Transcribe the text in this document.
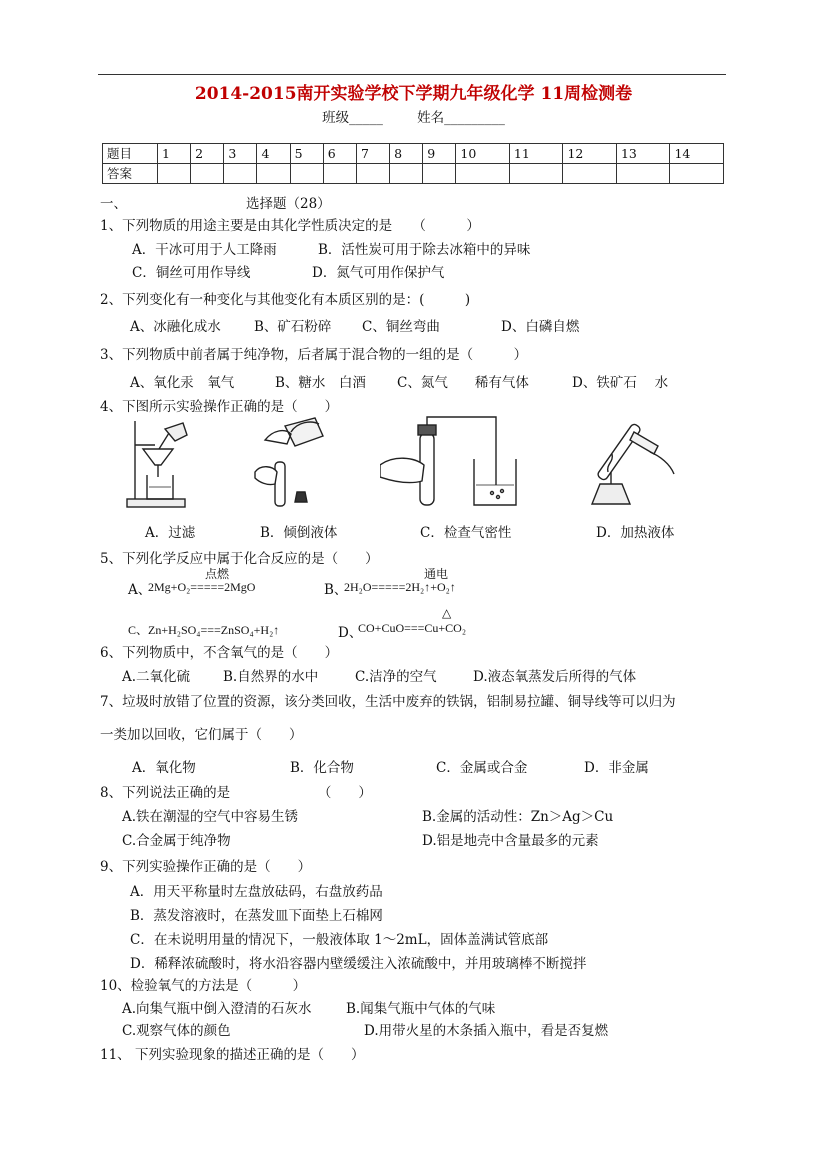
2014-2015南开实验学校下学期九年级化学 11周检测卷
班级_____	姓名_________
题目	1	2	3	4	5	6	7	8	9	10	11	12	13	14
答案														
一、	选择题（28）
1、下列物质的用途主要是由其化学性质决定的是　　（　　　）
A．干冰可用于人工降雨	B．活性炭可用于除去冰箱中的异味
C．铜丝可用作导线	D．氮气可用作保护气
2、下列变化有一种变化与其他变化有本质区别的是：(　　　)
A、冰融化成水 B、矿石粉碎 C、铜丝弯曲	D、白磷自燃
3、下列物质中前者属于纯净物，后者属于混合物的一组的是（　　　）
A、氧化汞　氧气	B、糖水　白酒 C、氮气　　稀有气体	D、铁矿石　 水
4、下图所示实验操作正确的是（　　）
A．过滤	B．倾倒液体	C．检查气密性	D．加热液体
5、下列化学反应中属于化合反应的是（　　）
点燃
A、
2Mg+O₂=====2MgO
通电
B、
2H₂O=====2H₂↑+O₂↑
C、Zn+H₂SO₄===ZnSO₄+H₂↑
△
D、
CO+CuO===Cu+CO₂
6、下列物质中，不含氧气的是（　　）
A.二氧化硫 B.自然界的水中	C.洁净的空气	D.液态氧蒸发后所得的气体
7、垃圾时放错了位置的资源，该分类回收，生活中废弃的铁锅，铝制易拉罐、铜导线等可以归为
一类加以回收，它们属于（　　）
A．氧化物	B．化合物	C．金属或合金	D．非金属
8、下列说法正确的是　　　　　　　（　　）
A.铁在潮湿的空气中容易生锈	B.金属的活动性：Zn＞Ag＞Cu
C.合金属于纯净物	D.铝是地壳中含量最多的元素
9、下列实验操作正确的是（　　）
A．用天平称量时左盘放砝码，右盘放药品
B．蒸发溶液时，在蒸发皿下面垫上石棉网
C．在未说明用量的情况下，一般液体取 1～2mL，固体盖满试管底部
D．稀释浓硫酸时，将水沿容器内壁缓缓注入浓硫酸中，并用玻璃棒不断搅拌
10、检验氧气的方法是（　　　）
A.向集气瓶中倒入澄清的石灰水	B.闻集气瓶中气体的气味
C.观察气体的颜色	D.用带火星的木条插入瓶中，看是否复燃
11、 下列实验现象的描述正确的是（　　）
